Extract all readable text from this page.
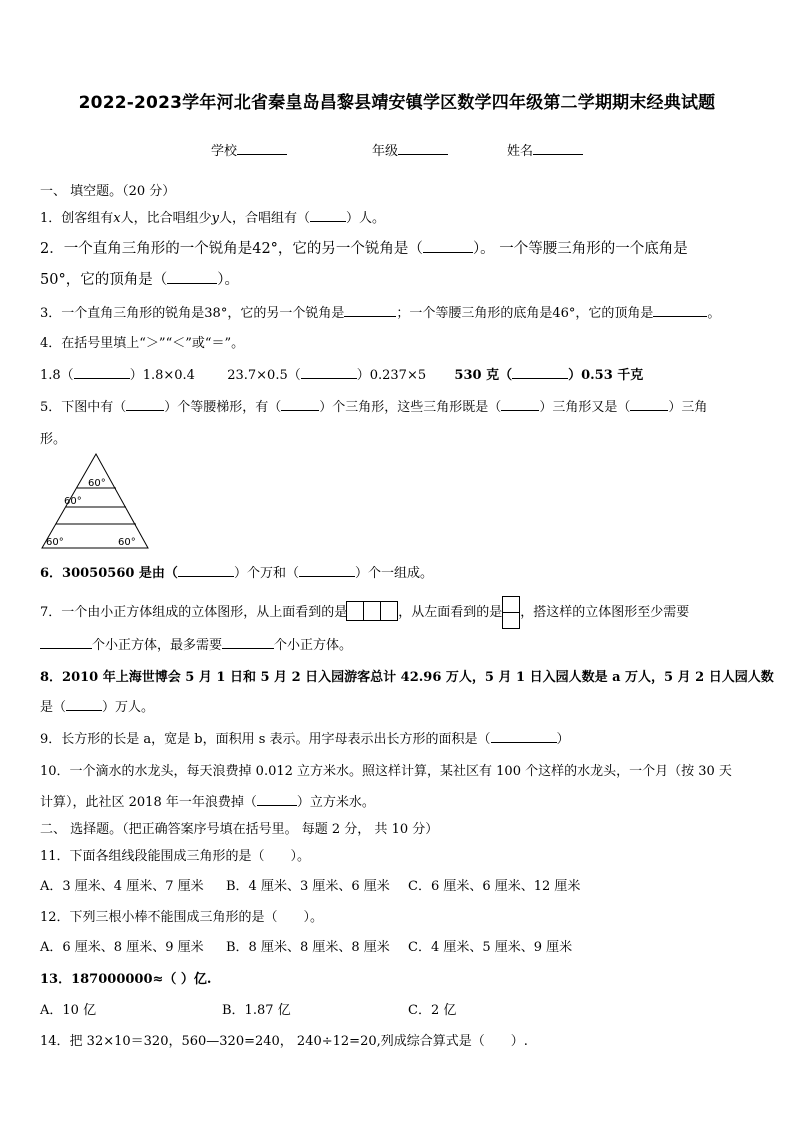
2022-2023学年河北省秦皇岛昌黎县靖安镇学区数学四年级第二学期期末经典试题
学校	年级	姓名
一、 填空题。（20 分）
1．创客组有x人，比合唱组少y人，合唱组有（	）人。
2．一个直角三角形的一个锐角是42°，它的另一个锐角是（	）。 一个等腰三角形的一个底角是
50°，它的顶角是（	）。
3．一个直角三角形的锐角是38°，它的另一个锐角是	；一个等腰三角形的底角是46°，它的顶角是	。
4．在括号里填上“＞”“＜”或“＝”。
1.8（	）1.8×0.4 23.7×0.5（	）0.237×5 530 克（	）0.53 千克
5．下图中有（	）个等腰梯形，有（	）个三角形，这些三角形既是（	）三角形又是（	）三角
形。
60°
60°
60°	60°
6．30050560 是由（	）个万和（	）个一组成。
7．一个由小正方体组成的立体图形，从上面看到的是	，从左面看到的是 ，搭这样的立体图形至少需要
个小正方体，最多需要	个小正方体。
8．2010 年上海世博会 5 月 1 日和 5 月 2 日入园游客总计 42.96 万人，5 月 1 日入园人数是 a 万人，5 月 2 日人园人数
是（	）万人。
9．长方形的长是 a，宽是 b，面积用 s 表示。用字母表示出长方形的面积是（	）
10．一个滴水的水龙头，每天浪费掉 0.012 立方米水。照这样计算，某社区有 100 个这样的水龙头，一个月（按 30 天
计算），此社区 2018 年一年浪费掉（	）立方米水。
二、 选择题。（把正确答案序号填在括号里。 每题 2 分， 共 10 分）
11．下面各组线段能围成三角形的是（　　）。
A．3 厘米、4 厘米、7 厘米 B．4 厘米、3 厘米、6 厘米 C．6 厘米、6 厘米、12 厘米
12．下列三根小棒不能围成三角形的是（　　）。
A．6 厘米、8 厘米、9 厘米 B．8 厘米、8 厘米、8 厘米 C．4 厘米、5 厘米、9 厘米
13．187000000≈（ ）亿.
A．10 亿	B．1.87 亿	C．2 亿
14．把 32×10＝320，560—320=240， 240÷12=20,列成综合算式是（　　）.
